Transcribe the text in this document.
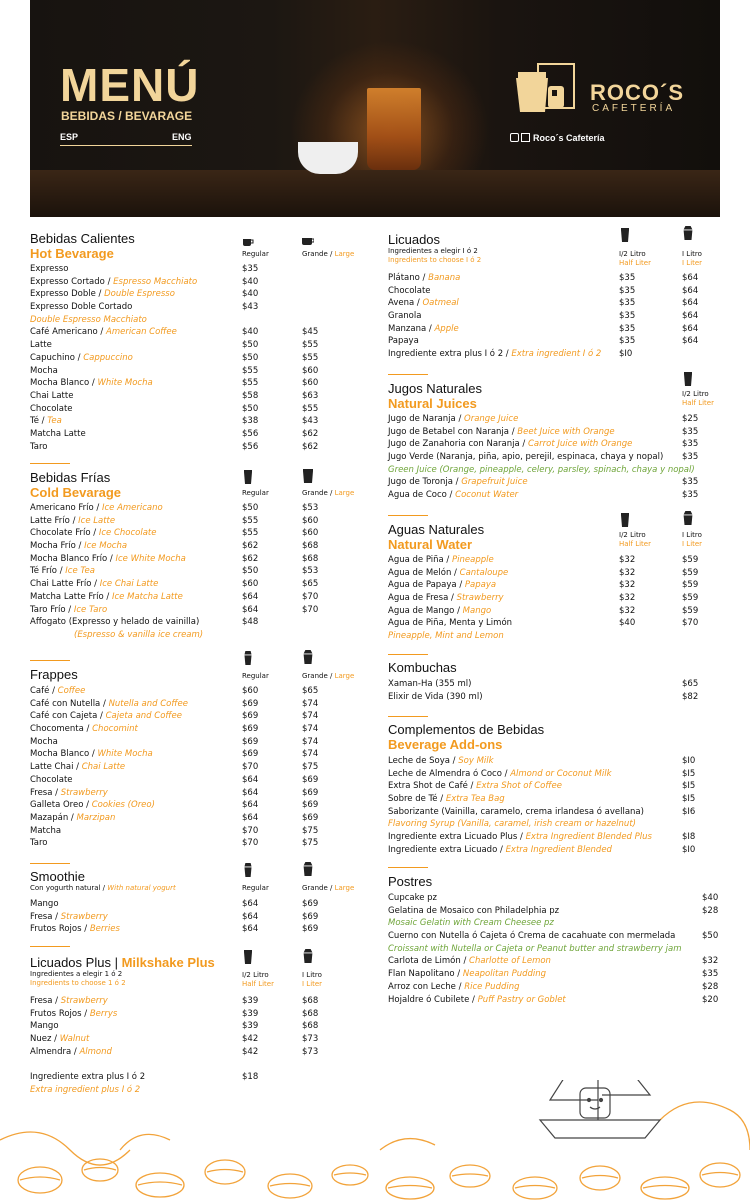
MENÚ
BEBIDAS / BEVARAGE
ESP	ENG
ROCO´S
CAFETERÍA
Roco´s Cafetería
Bebidas Calientes
Hot Bevarage	Regular	Grande / Large
Expresso	$35
Expresso Cortado / Espresso Macchiato	$40
Expresso Doble / Double Espresso	$40
Expresso Doble Cortado	$43
Double Espresso Macchiato
Café Americano / American Coffee	$40	$45
Latte	$50	$55
Capuchino / Cappuccino	$50	$55
Mocha	$55	$60
Mocha Blanco / White Mocha	$55	$60
Chai Latte	$58	$63
Chocolate	$50	$55
Té / Tea	$38	$43
Matcha Latte	$56	$62
Taro	$56	$62
Bebidas Frías
Cold Bevarage	Regular	Grande / Large
Americano Frío / Ice Americano	$50	$53
Latte Frío / Ice Latte	$55	$60
Chocolate Frío / Ice Chocolate	$55	$60
Mocha Frío / Ice Mocha	$62	$68
Mocha Blanco Frío / Ice White Mocha	$62	$68
Té Frío / Ice Tea	$50	$53
Chai Latte Frío / Ice Chai Latte	$60	$65
Matcha Latte Frío / Ice Matcha Latte	$64	$70
Taro Frío / Ice Taro	$64	$70
Affogato (Expresso y helado de vainilla)	$48
(Espresso & vanilla ice cream)
Frappes	Regular	Grande / Large
Café / Coffee	$60	$65
Café con Nutella / Nutella and Coffee	$69	$74
Café con Cajeta / Cajeta and Coffee	$69	$74
Chocomenta / Chocomint	$69	$74
Mocha	$69	$74
Mocha Blanco / White Mocha	$69	$74
Latte Chai / Chai Latte	$70	$75
Chocolate	$64	$69
Fresa / Strawberry	$64	$69
Galleta Oreo / Cookies (Oreo)	$64	$69
Mazapán / Marzipan	$64	$69
Matcha	$70	$75
Taro	$70	$75
Smoothie
Con yogurth natural / With natural yogurt	Regular	Grande / Large
Mango	$64	$69
Fresa / Strawberry	$64	$69
Frutos Rojos / Berries	$64	$69
Licuados Plus | Milkshake Plus
Ingredientes a elegir 1 ó 2
Ingredients to choose 1 ó 2
I/2 Litro
Half Liter
I Litro
I Liter
Fresa / Strawberry	$39	$68
Frutos Rojos / Berrys	$39	$68
Mango	$39	$68
Nuez / Walnut	$42	$73
Almendra / Almond	$42	$73
Ingrediente extra plus I ó 2	$18
Extra ingredient plus I ó 2
Licuados
Ingredientes a elegir I ó 2
Ingredients to choose I ó 2
I/2 Litro
Half Liter
I Litro
I Liter
Plátano / Banana	$35	$64
Chocolate	$35	$64
Avena / Oatmeal	$35	$64
Granola	$35	$64
Manzana / Apple	$35	$64
Papaya	$35	$64
Ingrediente extra plus I ó 2 / Extra ingredient I ó 2 $I0
Jugos Naturales
Natural Juices
I/2 Litro
Half Liter
Jugo de Naranja / Orange Juice	$25
Jugo de Betabel con Naranja / Beet Juice with Orange	$35
Jugo de Zanahoria con Naranja / Carrot Juice with Orange	$35
Jugo Verde (Naranja, piña, apio, perejil, espinaca, chaya y nopal) $35
Green Juice (Orange, pineapple, celery, parsley, spinach, chaya y nopal)
Jugo de Toronja / Grapefruit Juice	$35
Agua de Coco / Coconut Water	$35
Aguas Naturales
Natural Water
I/2 Litro
Half Liter
I Litro
I Liter
Agua de Piña / Pineapple	$32	$59
Agua de Melón / Cantaloupe	$32	$59
Agua de Papaya / Papaya	$32	$59
Agua de Fresa / Strawberry	$32	$59
Agua de Mango / Mango	$32	$59
Agua de Piña, Menta y Limón	$40	$70
Pineapple, Mint and Lemon
Kombuchas
Xaman-Ha (355 ml)	$65
Elixir de Vida (390 ml)	$82
Complementos de Bebidas
Beverage Add-ons
Leche de Soya / Soy Milk	$I0
Leche de Almendra ó Coco / Almond or Coconut Milk	$I5
Extra Shot de Café / Extra Shot of Coffee	$I5
Sobre de Té / Extra Tea Bag	$I5
Saborizante (Vainilla, caramelo, crema irlandesa ó avellana)	$I6
Flavoring Syrup (Vanilla, caramel, irish cream or hazelnut)
Ingrediente extra Licuado Plus / Extra Ingredient Blended Plus	$I8
Ingrediente extra Licuado / Extra Ingredient Blended	$I0
Postres
Cupcake pz	$40
Gelatina de Mosaico con Philadelphia pz	$28
Mosaic Gelatin with Cream Cheesee pz
Cuerno con Nutella ó Cajeta ó Crema de cacahuate con mermelada	$50
Croissant with Nutella or Cajeta or Peanut butter and strawberry jam
Carlota de Limón / Charlotte of Lemon	$32
Flan Napolitano / Neapolitan Pudding	$35
Arroz con Leche / Rice Pudding	$28
Hojaldre ó Cubilete / Puff Pastry or Goblet	$20
